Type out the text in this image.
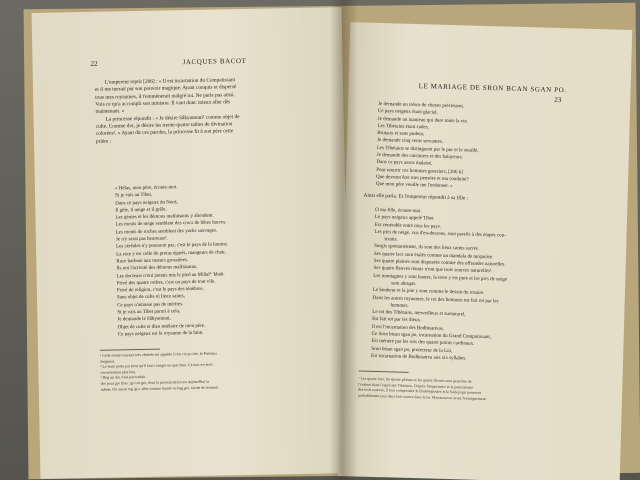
22	JACQUES BACOT
L'empereur reprit [206] : « Il est incarnation du Compatissant
et il me tuerait par son pouvoir magique. Ayant conquis et dispersé
tous mes royaumes, il t'emmènerait malgré toi. Ne parle pas ainsi.
Vois ce qu'a accompli son ministre. Il vaut donc mieux aller dès
maintenant. »
La princesse répondit : « Je désire Sâkyamuni¹ comme objet de
culte. Comme dot, je désire les trente-quatre tables de divination
colorées². » Ayant dit ces paroles, la princesse fit à son père cette
prière :
« Hélas, mon père, écoute-moi.
Si je vais au Tibet,
Dans ce pays neigeux du Nord,
Il gèle, il neige et il grêle.
Les génies et les démons malfaisants y abondent.
Les monts de neige semblent des crocs de bêtes fauves.
Les monts de roches semblent des yacks sauvages.
Je n'y serai pas heureuse³.
Les céréales n'y poussent pas, c'est le pays de la famine.
La race y est celle du pretas égarés, mangeurs de chair,
Race barbare aux mœurs grossières.
Ils ont l'activité des démons malfaisants.
Les docteurs n'ont jamais mis le pied au Miñal⁴ 'khab.
Privé des quatre ordres, c'est un pays de tout vile.
Privé de religion, c'est le pays des ténèbres.
Sans objet de culte ni lieux saints,
Ce pays n'amasse pas de mérites.
Si je vais au Tibet parmi à cela,
Je demande le Sâkyamuni,
Objet de culte et dieu tutélaire de mon père.
Ce pays neigeux est le royaume de la faim.
¹ Cette statue toujours très vénérée est appelée Jo bo rin po che, le Précieux
Seigneur.
² Le texte porte par (tout qu'il faut corriger en spar than. Ce mot est écrit
correctement plus loin.
³ Bag mi dro n'est pas traduit.
dro pour gro (bas: 'gro ne gro, dont la prononciation est aujourd'hui la
même. On aurait tog 'gro, aller comme fumée ou bag gro, farine de froment.
LE MARIAGE DE SRON BCAN SGAN PO.
23
Je demande un trésor de choses précieuses.
Ce pays neigeux étant glacial,
Je demande un manteau qui dure toute la vie.
Les Tibétains étant cades,
Brutaux et sans pudeur,
Je demande cinq cents servantes.
Les Tibétains se distinguent par le pur et le souillé,
Je demande des cuisiniers et des balayeurs.
Dans ce pays assez malaisé,
Pour nourrir ces hommes grossiers, [206 b]
Que devront être mes pensées et ma conduite?
Que mon père veuille me l'ordonner. »
Ainsi elle parla. Et l'empereur répondit à sa fille :
O ma fille, écoute-moi.
Le pays neigeux appelé Tibet
Est vénérable entre tous les pays.
Les pics de neige, vus d'en-dessous, sont pareils à des étapes con-
struits.
Surgis spontanément, ils sont des lieux saints sacrés.
Ses quatre lacs sont étalés comme un mandala de turquoise.
Ses quatre plaines sont disposées comme des offrandes naturelles.
Ses quatre fleuves réunis n'ont que trois sources naturelles¹.
Les montagnes y sont hautes, la terre y est pure et les pics de neige
sont abrupts.
Le bonheur et la joie y sont comme le dessin du rosaire.
Dans les autres royaumes, le roi des hommes est fait roi par les
hommes.
Le roi des Tibétains, merveilleux et surnaturel,
Est fait roi par les dieux.
Il est l'incarnation des Bodhisattvas.
Ce Sron btsan sgan po, incarnation du Grand Compatissant,
Est ménéré par les rois des quatre points cardinaux.
Sron btsan sgan po, protecteur de la Loi,
Est incarnation de Bodhisattva aux six syllabes.
¹ Les quatre lacs, les quatre plaines et les quatre fleuves sont peut-être de
l'endroit dans l'esprit des Tibétains. D'après l'importance et la particularité
des trois sources, il faut comprendre le Brahmapoutre et le Sutlej) qui prennent
probablement tous deux leur source dans le lac Manasarovar avant l'enseignement.
